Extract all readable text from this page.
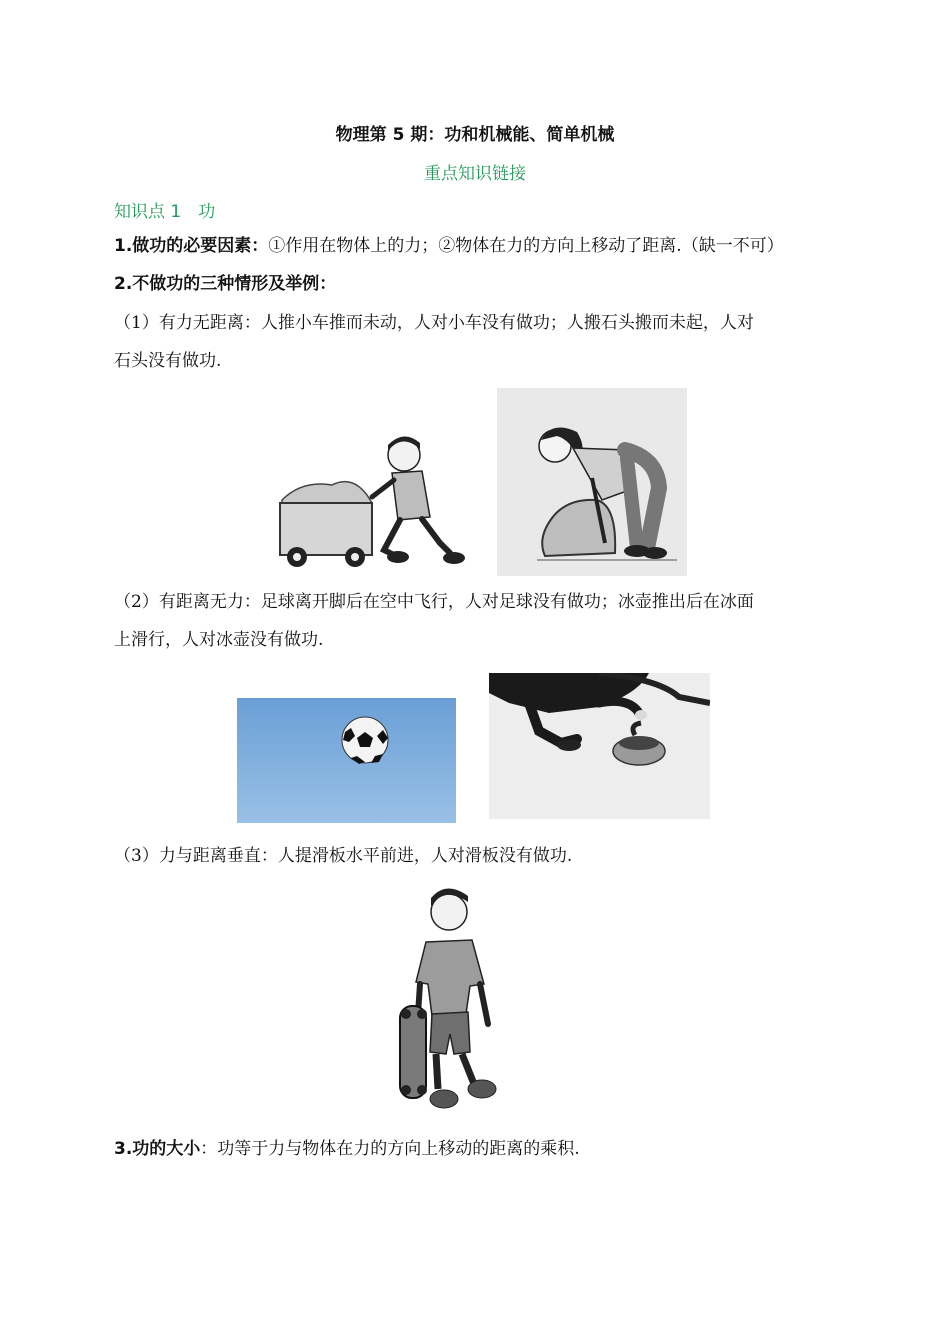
物理第 5 期：功和机械能、简单机械
重点知识链接
知识点 1　功
1.做功的必要因素：①作用在物体上的力；②物体在力的方向上移动了距离.（缺一不可）
2.不做功的三种情形及举例：
（1）有力无距离：人推小车推而未动，人对小车没有做功；人搬石头搬而未起，人对
石头没有做功.
（2）有距离无力：足球离开脚后在空中飞行，人对足球没有做功；冰壶推出后在冰面
上滑行，人对冰壶没有做功.
（3）力与距离垂直：人提滑板水平前进，人对滑板没有做功.
3.功的大小：功等于力与物体在力的方向上移动的距离的乘积.
